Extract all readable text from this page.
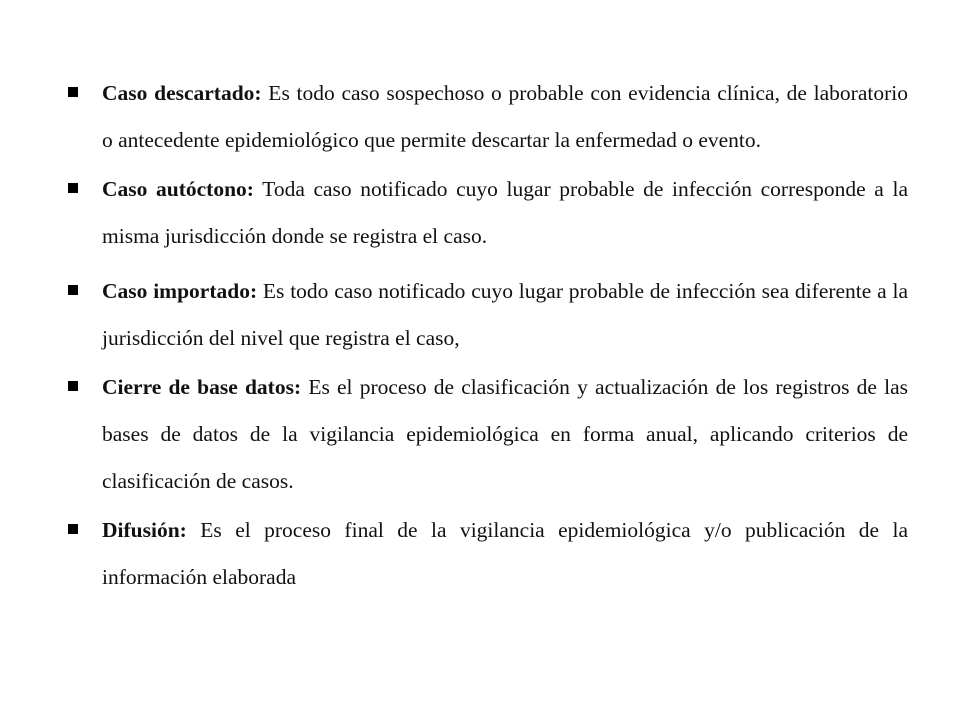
Caso descartado: Es todo caso sospechoso o probable con evidencia clínica, de laboratorio o antecedente epidemiológico que permite descartar la enfermedad o evento.
Caso autóctono: Toda caso notificado cuyo lugar probable de infección corresponde a la misma jurisdicción donde se registra el caso.
Caso importado: Es todo caso notificado cuyo lugar probable de infección sea diferente a la jurisdicción del nivel que registra el caso,
Cierre de base datos: Es el proceso de clasificación y actualización de los registros de las bases de datos de la vigilancia epidemiológica en forma anual, aplicando criterios de clasificación de casos.
Difusión: Es el proceso final de la vigilancia epidemiológica y/o publicación de la información elaborada
